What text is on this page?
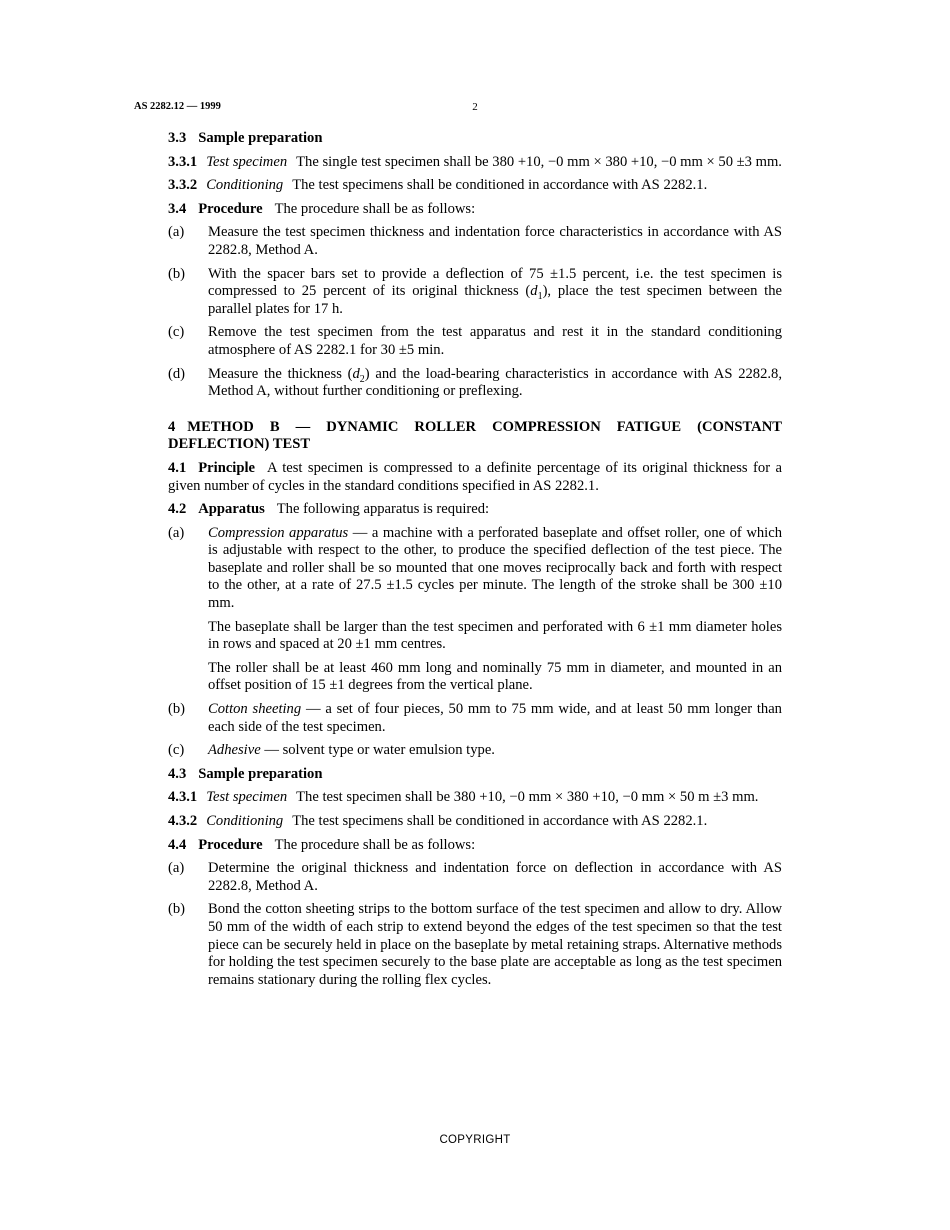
AS 2282.12 — 1999	2
3.3 Sample preparation
3.3.1 Test specimen The single test specimen shall be 380 +10, −0 mm × 380 +10, −0 mm × 50 ±3 mm.
3.3.2 Conditioning The test specimens shall be conditioned in accordance with AS 2282.1.
3.4 Procedure The procedure shall be as follows:
(a)	Measure the test specimen thickness and indentation force characteristics in accordance with AS 2282.8, Method A.
(b)	With the spacer bars set to provide a deflection of 75 ±1.5 percent, i.e. the test specimen is compressed to 25 percent of its original thickness $(d_1)$, place the test specimen between the parallel plates for 17 h.
(c)	Remove the test specimen from the test apparatus and rest it in the standard conditioning atmosphere of AS 2282.1 for 30 ±5 min.
(d)	Measure the thickness $(d_2)$ and the load-bearing characteristics in accordance with AS 2282.8, Method A, without further conditioning or preflexing.
4 METHOD B — DYNAMIC ROLLER COMPRESSION FATIGUE (CONSTANT DEFLECTION) TEST
4.1 Principle A test specimen is compressed to a definite percentage of its original thickness for a given number of cycles in the standard conditions specified in AS 2282.1.
4.2 Apparatus The following apparatus is required:
(a)	Compression apparatus — a machine with a perforated baseplate and offset roller, one of which is adjustable with respect to the other, to produce the specified deflection of the test piece. The baseplate and roller shall be so mounted that one moves reciprocally back and forth with respect to the other, at a rate of 27.5 ±1.5 cycles per minute. The length of the stroke shall be 300 ±10 mm.
The baseplate shall be larger than the test specimen and perforated with 6 ±1 mm diameter holes in rows and spaced at 20 ±1 mm centres.
The roller shall be at least 460 mm long and nominally 75 mm in diameter, and mounted in an offset position of 15 ±1 degrees from the vertical plane.
(b)	Cotton sheeting — a set of four pieces, 50 mm to 75 mm wide, and at least 50 mm longer than each side of the test specimen.
(c)	Adhesive — solvent type or water emulsion type.
4.3 Sample preparation
4.3.1 Test specimen The test specimen shall be 380 +10, −0 mm × 380 +10, −0 mm × 50 m ±3 mm.
4.3.2 Conditioning The test specimens shall be conditioned in accordance with AS 2282.1.
4.4 Procedure The procedure shall be as follows:
(a)	Determine the original thickness and indentation force on deflection in accordance with AS 2282.8, Method A.
(b)	Bond the cotton sheeting strips to the bottom surface of the test specimen and allow to dry. Allow 50 mm of the width of each strip to extend beyond the edges of the test specimen so that the test piece can be securely held in place on the baseplate by metal retaining straps. Alternative methods for holding the test specimen securely to the base plate are acceptable as long as the test specimen remains stationary during the rolling flex cycles.
COPYRIGHT
